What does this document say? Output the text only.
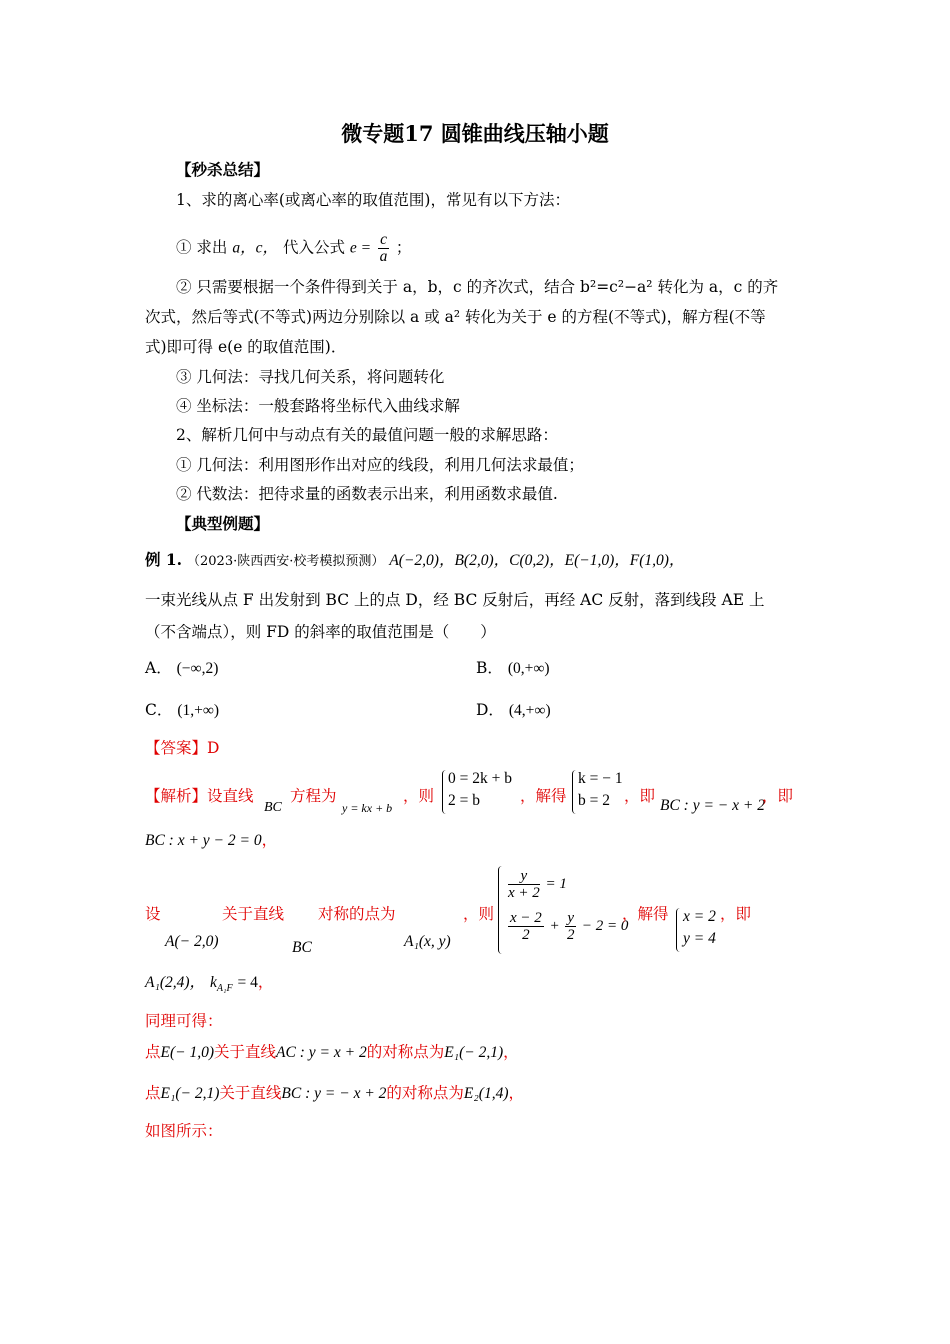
微专题17 圆锥曲线压轴小题
【秒杀总结】
1、求的离心率(或离心率的取值范围)，常见有以下方法：
① 求出 a，c， 代入公式 $e = \frac{c}{a}$ ；
② 只需要根据一个条件得到关于 a，b，c 的齐次式，结合 b²=c²−a² 转化为 a，c 的齐
次式，然后等式(不等式)两边分别除以 a 或 a² 转化为关于 e 的方程(不等式)，解方程(不等
式)即可得 e(e 的取值范围)．
③ 几何法：寻找几何关系，将问题转化
④ 坐标法：一般套路将坐标代入曲线求解
2、解析几何中与动点有关的最值问题一般的求解思路：
① 几何法：利用图形作出对应的线段，利用几何法求最值；
② 代数法：把待求量的函数表示出来，利用函数求最值.
【典型例题】
例 1. （2023·陕西西安·校考模拟预测） A(−2,0)，B(2,0)，C(0,2)，E(−1,0)，F(1,0)，
一束光线从点 F 出发射到 BC 上的点 D，经 BC 反射后，再经 AC 反射，落到线段 AE 上
（不含端点），则 FD 的斜率的取值范围是（　　）
A． (−∞,2)	B． (0,+∞)
C． (1,+∞)	D． (4,+∞)
【答案】D
【解析】设直线
BC
方程为
y = kx + b
，则
0 = 2k + b
2 = b	，解得
k = − 1
b = 2 ，即
BC : y = − x + 2
，即
BC : x + y − 2 = 0，
设
A(− 2,0)
关于直线
BC
对称的点为
A₁(x, y)
，则
$\frac{y}{x + 2} = 1$
$\frac{x - 2}{2} + \frac{y}{2} - 2 = 0$
，解得 x = 2
y = 4
，即
A₁(2,4)， $k_{A_1F} = 4$，
同理可得：
点E(− 1,0)关于直线AC : y = x + 2的对称点为E₁(− 2,1)，
点E₁(− 2,1)关于直线BC : y = − x + 2的对称点为E₂(1,4)，
如图所示：
